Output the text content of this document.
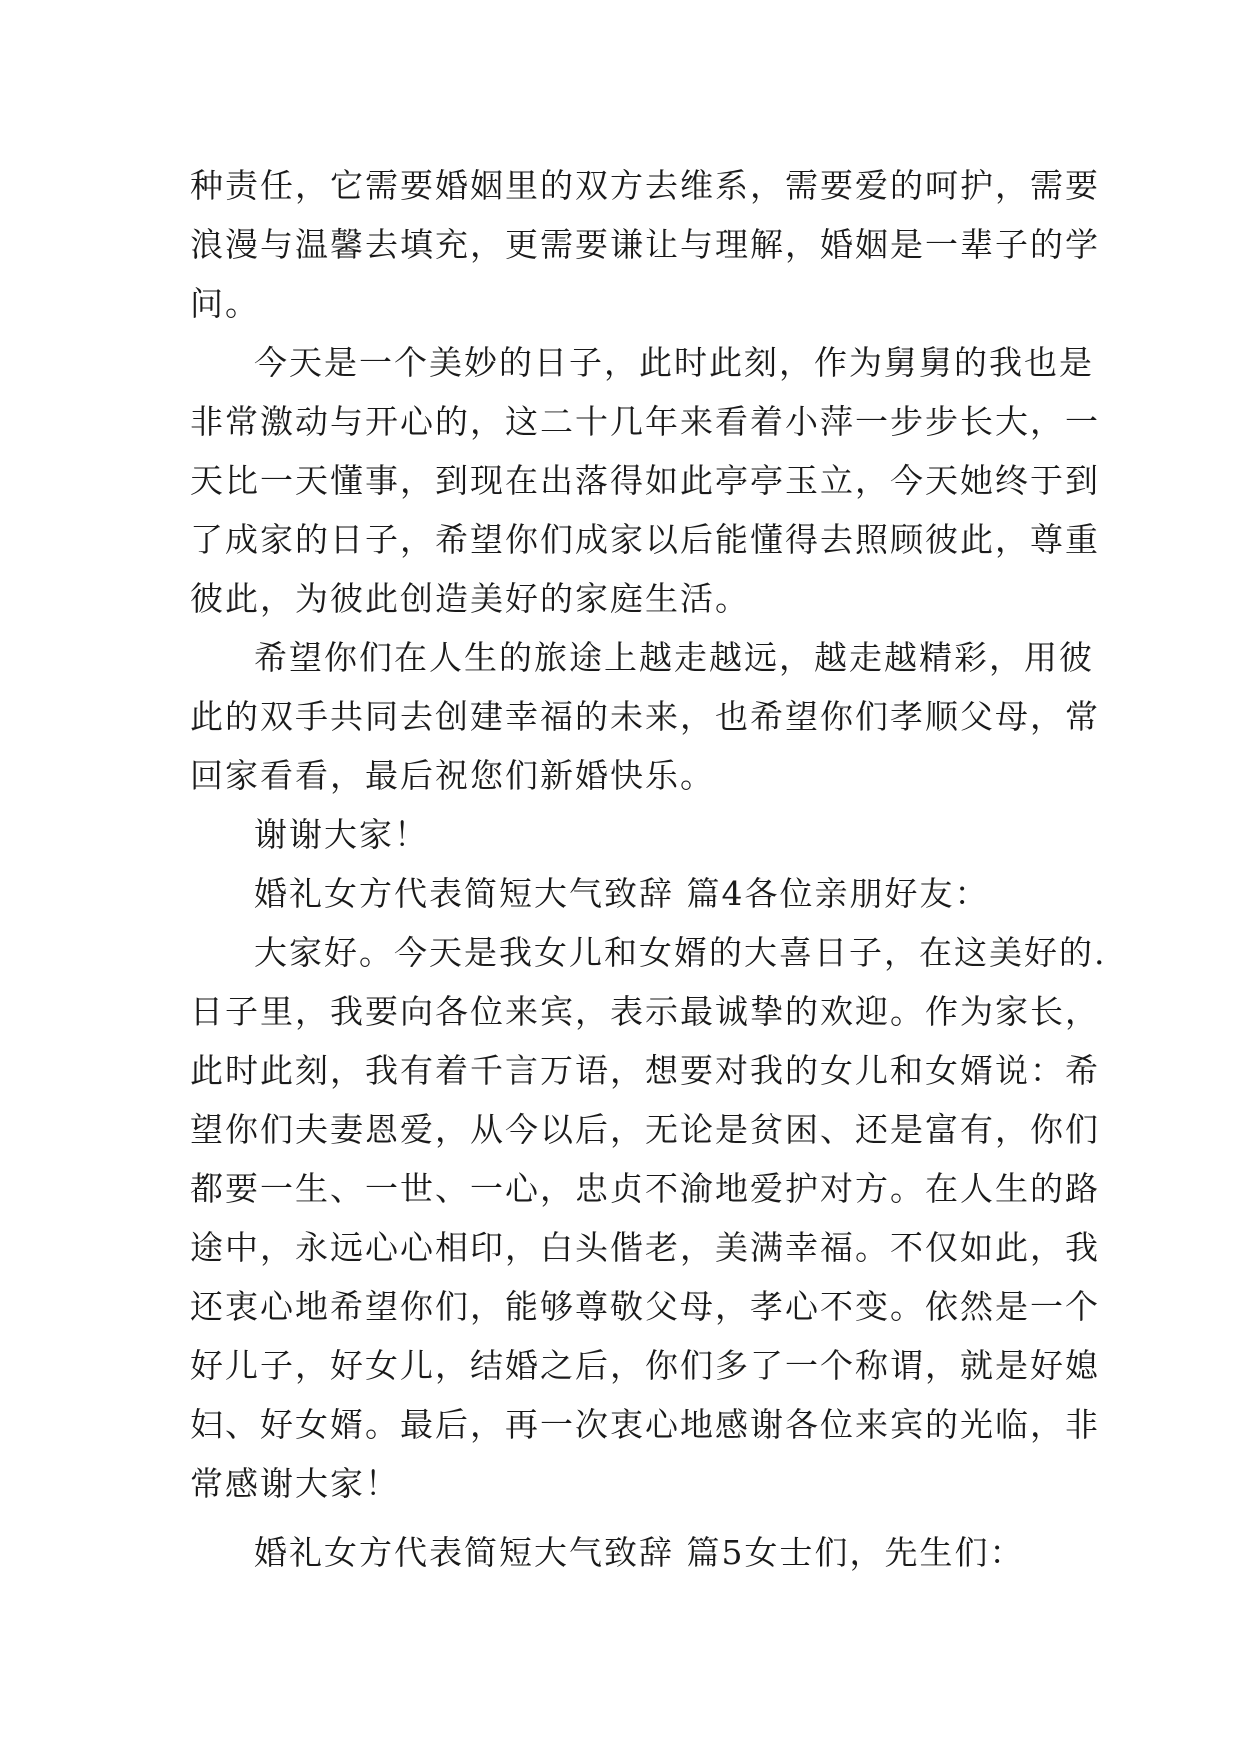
种责任，它需要婚姻里的双方去维系，需要爱的呵护，需要
浪漫与温馨去填充，更需要谦让与理解，婚姻是一辈子的学
问。
今天是一个美妙的日子，此时此刻，作为舅舅的我也是
非常激动与开心的，这二十几年来看着小萍一步步长大，一
天比一天懂事，到现在出落得如此亭亭玉立，今天她终于到
了成家的日子，希望你们成家以后能懂得去照顾彼此，尊重
彼此，为彼此创造美好的家庭生活。
希望你们在人生的旅途上越走越远，越走越精彩，用彼
此的双手共同去创建幸福的未来，也希望你们孝顺父母，常
回家看看，最后祝您们新婚快乐。
谢谢大家！
婚礼女方代表简短大气致辞 篇4各位亲朋好友：
大家好。今天是我女儿和女婿的大喜日子，在这美好的.
日子里，我要向各位来宾，表示最诚挚的欢迎。作为家长，
此时此刻，我有着千言万语，想要对我的女儿和女婿说：希
望你们夫妻恩爱，从今以后，无论是贫困、还是富有，你们
都要一生、一世、一心，忠贞不渝地爱护对方。在人生的路
途中，永远心心相印，白头偕老，美满幸福。不仅如此，我
还衷心地希望你们，能够尊敬父母，孝心不变。依然是一个
好儿子，好女儿，结婚之后，你们多了一个称谓，就是好媳
妇、好女婿。最后，再一次衷心地感谢各位来宾的光临，非
常感谢大家！
婚礼女方代表简短大气致辞 篇5女士们，先生们：
